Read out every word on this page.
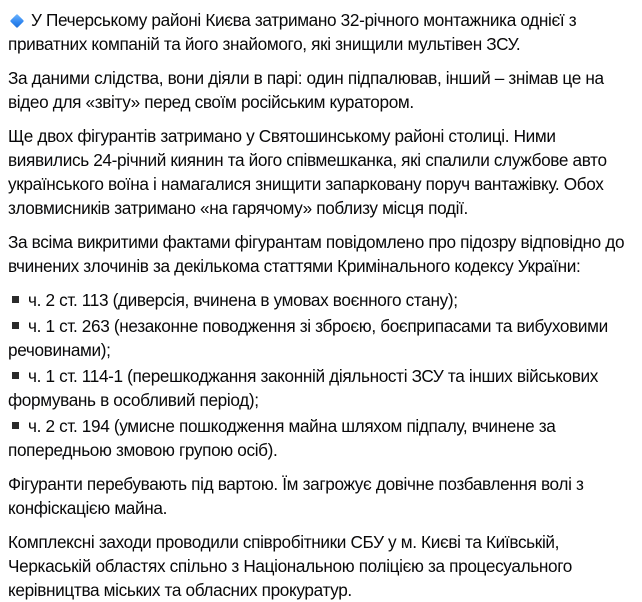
У Печерському районі Києва затримано 32-річного монтажника однієї з приватних компаній та його знайомого, які знищили мультівен ЗСУ.

За даними слідства, вони діяли в парі: один підпалював, інший – знімав це на відео для «звіту» перед своїм російським куратором.

Ще двох фігурантів затримано у Святошинському районі столиці. Ними виявились 24-річний киянин та його співмешканка, які спалили службове авто українського воїна і намагалися знищити запарковану поруч вантажівку. Обох зловмисників затримано «на гарячому» поблизу місця події.

За всіма викритими фактами фігурантам повідомлено про підозру відповідно до вчинених злочинів за декількома статтями Кримінального кодексу України:

ч. 2 ст. 113 (диверсія, вчинена в умовах воєнного стану);
ч. 1 ст. 263 (незаконне поводження зі зброєю, боєприпасами та вибуховими речовинами);
ч. 1 ст. 114-1 (перешкоджання законній діяльності ЗСУ та інших військових формувань в особливий період);
ч. 2 ст. 194 (умисне пошкодження майна шляхом підпалу, вчинене за попередньою змовою групою осіб).

Фігуранти перебувають під вартою. Їм загрожує довічне позбавлення волі з конфіскацією майна.

Комплексні заходи проводили співробітники СБУ у м. Києві та Київській, Черкаській областях спільно з Національною поліцією за процесуального керівництва міських та обласних прокуратур.
